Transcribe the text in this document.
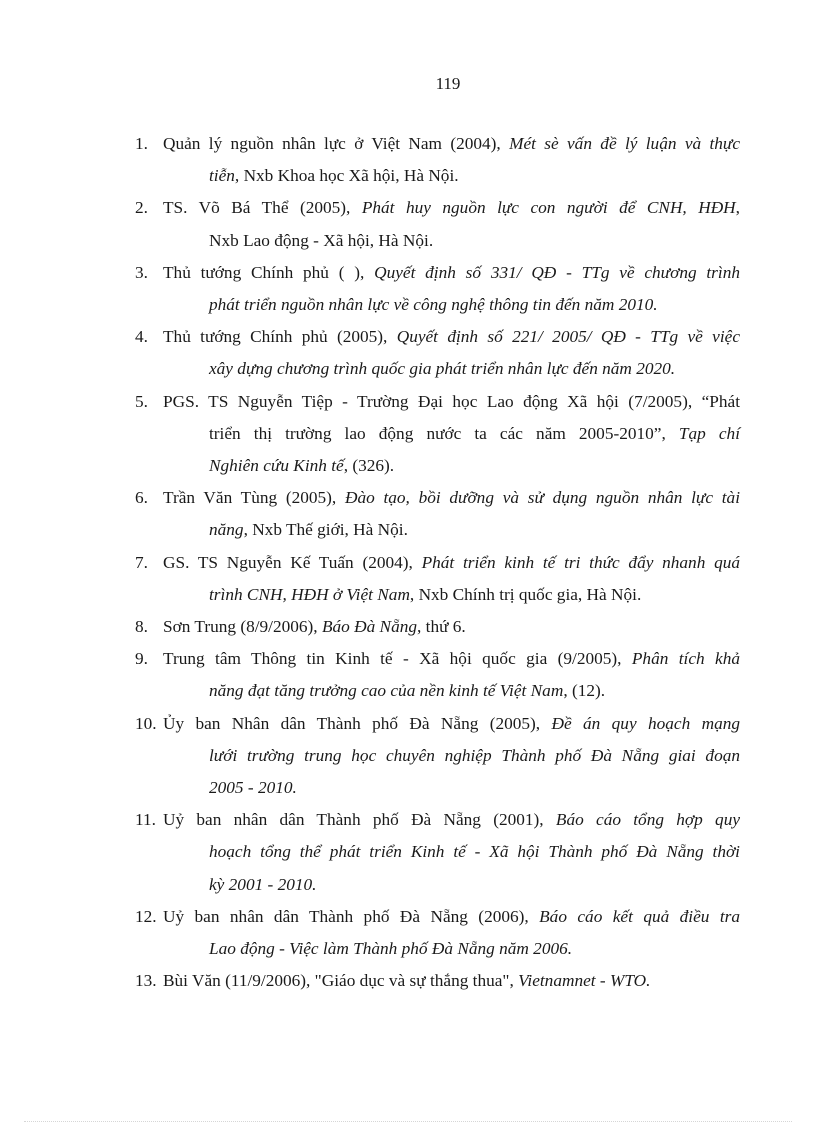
119
1. Quản lý nguồn nhân lực ở Việt Nam (2004), Mét sè vấn đề lý luận và thực
tiễn, Nxb Khoa học Xã hội, Hà Nội.
2. TS. Võ Bá Thể (2005), Phát huy nguồn lực con người để CNH, HĐH,
Nxb Lao động - Xã hội, Hà Nội.
3. Thủ tướng Chính phủ ( ), Quyết định số 331/ QĐ - TTg về chương trình
phát triển nguồn nhân lực về công nghệ thông tin đến năm 2010.
4. Thủ tướng Chính phủ (2005), Quyết định số 221/ 2005/ QĐ - TTg về việc
xây dựng chương trình quốc gia phát triển nhân lực đến năm 2020.
5. PGS. TS Nguyễn Tiệp - Trường Đại học Lao động Xã hội (7/2005), “Phát
triển thị trường lao động nước ta các năm 2005-2010”, Tạp chí
Nghiên cứu Kinh tế, (326).
6. Trần Văn Tùng (2005), Đào tạo, bồi dưỡng và sử dụng nguồn nhân lực tài
năng, Nxb Thế giới, Hà Nội.
7. GS. TS Nguyễn Kế Tuấn (2004), Phát triển kinh tế tri thức đẩy nhanh quá
trình CNH, HĐH ở Việt Nam, Nxb Chính trị quốc gia, Hà Nội.
8. Sơn Trung (8/9/2006), Báo Đà Nẵng, thứ 6.
9. Trung tâm Thông tin Kinh tế - Xã hội quốc gia (9/2005), Phân tích khả
năng đạt tăng trưởng cao của nền kinh tế Việt Nam, (12).
10. Ủy ban Nhân dân Thành phố Đà Nẵng (2005), Đề án quy hoạch mạng
lưới trường trung học chuyên nghiệp Thành phố Đà Nẵng giai đoạn
2005 - 2010.
11. Uỷ ban nhân dân Thành phố Đà Nẵng (2001), Báo cáo tổng hợp quy
hoạch tổng thể phát triển Kinh tế - Xã hội Thành phố Đà Nẵng thời
kỳ 2001 - 2010.
12. Uỷ ban nhân dân Thành phố Đà Nẵng (2006), Báo cáo kết quả điều tra
Lao động - Việc làm Thành phố Đà Nẵng năm 2006.
13. Bùi Văn (11/9/2006), "Giáo dục và sự thắng thua", Vietnamnet - WTO.
